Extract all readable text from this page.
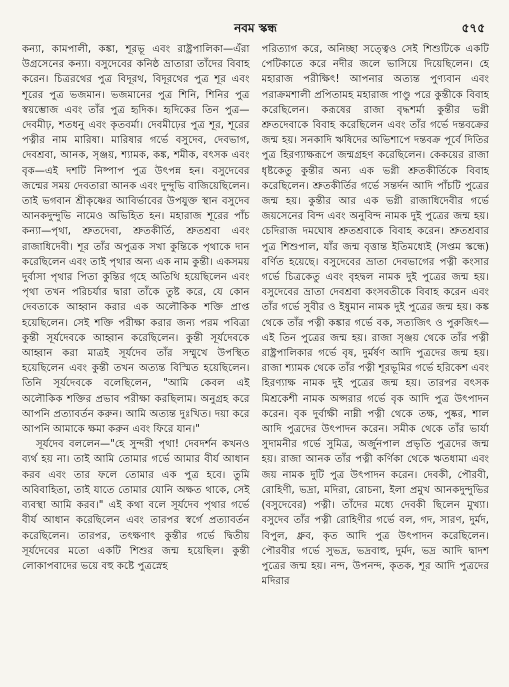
নবম স্কন্ধ	৫৭৫

কন্যা, কামপালী, কঙ্কা, শূরভূ এবং রাষ্ট্রপালিকা—এঁরা উগ্রসেনের কন্যা। বসুদেবের কনিষ্ঠ ভ্রাতারা তাঁদের বিবাহ করেন। চিত্ররথের পুত্র বিদূরথ, বিদূরথের পুত্র শূর এবং শূরের পুত্র ভজমান। ভজমানের পুত্র শিনি, শিনির পুত্র স্বয়ম্ভোজ এবং তাঁর পুত্র হৃদিক। হৃদিকের তিন পুত্র—দেবমীঢ়, শতধনু এবং কৃতবর্মা। দেবমীঢ়ের পুত্র শূর, শূরের পত্নীর নাম মারিষা। মারিষার গর্ভে বসুদেব, দেবভাগ, দেবশ্রবা, আনক, সৃঞ্জয়, শ্যামক, কঙ্ক, শমীক, বৎসক এবং বৃক—এই দশটি নিষ্পাপ পুত্র উৎপন্ন হন। বসুদেবের জন্মের সময় দেবতারা আনক এবং দুন্দুভি বাজিয়েছিলেন। তাই ভগবান শ্রীকৃষ্ণের আবির্ভাবের উপযুক্ত স্থান বসুদেব আনকদুন্দুভি নামেও অভিহিত হন। মহারাজ শূরের পাঁচ কন্যা—পৃথা, শ্রুতদেবা, শ্রুতকীর্তি, শ্রুতশ্রবা এবং রাজাধিদেবী। শূর তাঁর অপুত্রক সখা কুন্তিকে পৃথাকে দান করেছিলেন এবং তাই পৃথার অন্য এক নাম কুন্তী। একসময় দুর্বাসা পৃথার পিতা কুন্তির গৃহে অতিথি হয়েছিলেন এবং পৃথা তখন পরিচর্যার দ্বারা তাঁকে তুষ্ট করে, যে কোন দেবতাকে আহ্বান করার এক অলৌকিক শক্তি প্রাপ্ত হয়েছিলেন। সেই শক্তি পরীক্ষা করার জন্য পরম পবিত্রা কুন্তী সূর্যদেবকে আহ্বান করেছিলেন। কুন্তী সূর্যদেবকে আহ্বান করা মাত্রই সূর্যদেব তাঁর সম্মুখে উপস্থিত হয়েছিলেন এবং কুন্তী তখন অত্যন্ত বিস্মিত হয়েছিলেন। তিনি সূর্যদেবকে বলেছিলেন, "আমি কেবল এই অলৌকিক শক্তির প্রভাব পরীক্ষা করছিলাম। অনুগ্রহ করে আপনি প্রত্যাবর্তন করুন। আমি অত্যন্ত দুঃখিত। দয়া করে আপনি আমাকে ক্ষমা করুন এবং ফিরে যান।"

সূর্যদেব বললেন—"হে সুন্দরী পৃথা! দেবদর্শন কখনও ব্যর্থ হয় না। তাই আমি তোমার গর্ভে আমার বীর্য আধান করব এবং তার ফলে তোমার এক পুত্র হবে। তুমি অবিবাহিতা, তাই যাতে তোমার যোনি অক্ষত থাকে, সেই ব্যবস্থা আমি করব।" এই কথা বলে সূর্যদেব পৃথার গর্ভে বীর্য আধান করেছিলেন এবং তারপর স্বর্গে প্রত্যাবর্তন করেছিলেন। তারপর, তৎক্ষণাৎ কুন্তীর গর্ভে দ্বিতীয় সূর্যদেবের মতো একটি শিশুর জন্ম হয়েছিল। কুন্তী লোকাপবাদের ভয়ে বহু কষ্টে পুত্রস্নেহ

পরিত্যাগ করে, অনিচ্ছা সত্ত্বেও সেই শিশুটিকে একটি পেটিকাতে করে নদীর জলে ভাসিয়ে দিয়েছিলেন। হে মহারাজ পরীক্ষিৎ! আপনার অত্যন্ত পুণ্যবান এবং পরাক্রমশালী প্রপিতামহ মহারাজ পাণ্ডু পরে কুন্তীকে বিবাহ করেছিলেন। করূষের রাজা বৃদ্ধশর্মা কুন্তীর ভগ্নী শ্রুতদেবাকে বিবাহ করেছিলেন এবং তাঁর গর্ভে দন্তবক্রের জন্ম হয়। সনকাদি ঋষিদের অভিশাপে দন্তবক্র পূর্বে দিতির পুত্র হিরণ্যাক্ষরূপে জন্মগ্রহণ করেছিলেন। কেকয়ের রাজা ধৃষ্টকেতু কুন্তীর অন্য এক ভগ্নী শ্রুতকীর্তিকে বিবাহ করেছিলেন। শ্রুতকীর্তির গর্ভে সন্তর্দন আদি পাঁচটি পুত্রের জন্ম হয়। কুন্তীর আর এক ভগ্নী রাজাধিদেবীর গর্ভে জয়সেনের বিন্দ এবং অনুবিন্দ নামক দুই পুত্রের জন্ম হয়। চেদিরাজ দমঘোষ শ্রুতশ্রবাকে বিবাহ করেন। শ্রুতশ্রবার পুত্র শিশুপাল, যাঁর জন্ম বৃত্তান্ত ইতিমধ্যেই (সপ্তম স্কন্ধে) বর্ণিত হয়েছে। বসুদেবের ভ্রাতা দেবভাগের পত্নী কংসার গর্ভে চিত্রকেতু এবং বৃহদ্বল নামক দুই পুত্রের জন্ম হয়। বসুদেবের ভ্রাতা দেবশ্রবা কংসবতীকে বিবাহ করেন এবং তাঁর গর্ভে সুবীর ও ইষুমান নামক দুই পুত্রের জন্ম হয়। কঙ্ক থেকে তাঁর পত্নী কঙ্কার গর্ভে বক, সত্যজিৎ ও পুরুজিৎ—এই তিন পুত্রের জন্ম হয়। রাজা সৃঞ্জয় থেকে তাঁর পত্নী রাষ্ট্রপালিকার গর্ভে বৃষ, দুর্মর্ষণ আদি পুত্রদের জন্ম হয়। রাজা শ্যামক থেকে তাঁর পত্নী শূরভূমির গর্ভে হরিকেশ এবং হিরণ্যাক্ষ নামক দুই পুত্রের জন্ম হয়। তারপর বৎসক মিশ্রকেশী নামক অপ্সরার গর্ভে বৃক আদি পুত্র উৎপাদন করেন। বৃক দুর্বাক্ষী নাম্নী পত্নী থেকে তক্ষ, পুষ্কর, শাল আদি পুত্রদের উৎপাদন করেন। সমীক থেকে তাঁর ভার্যা সুদামনীর গর্ভে সুমিত্র, অর্জুনপাল প্রভৃতি পুত্রদের জন্ম হয়। রাজা আনক তাঁর পত্নী কর্ণিকা থেকে ঋতধামা এবং জয় নামক দুটি পুত্র উৎপাদন করেন। দেবকী, পৌরবী, রোহিণী, ভদ্রা, মদিরা, রোচনা, ইলা প্রমুখ আনকদুন্দুভির (বসুদেবের) পত্নী। তাঁদের মধ্যে দেবকী ছিলেন মুখ্যা। বসুদেব তাঁর পত্নী রোহিণীর গর্ভে বল, গদ, সারণ, দুর্মদ, বিপুল, ধ্রুব, কৃত আদি পুত্র উৎপাদন করেছিলেন। পৌরবীর গর্ভে সুভদ্র, ভদ্রবাহু, দুর্মদ, ভদ্র আদি দ্বাদশ পুত্রের জন্ম হয়। নন্দ, উপনন্দ, কৃতক, শূর আদি পুত্রদের মদিরার
